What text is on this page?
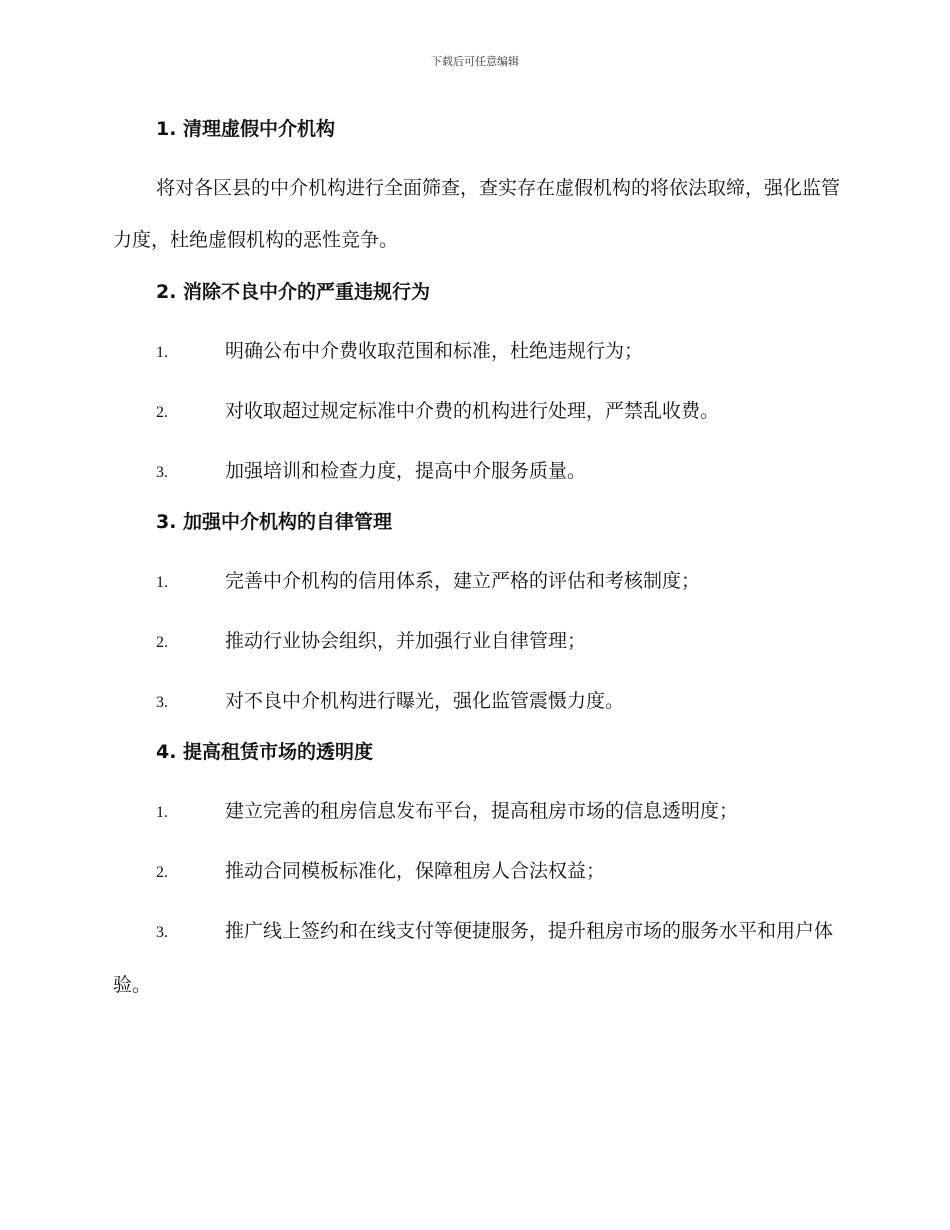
下载后可任意编辑
1. 清理虚假中介机构
将对各区县的中介机构进行全面筛查，查实存在虚假机构的将依法取缔，强化监管力度，杜绝虚假机构的恶性竞争。
2. 消除不良中介的严重违规行为
1.	明确公布中介费收取范围和标准，杜绝违规行为；
2.	对收取超过规定标准中介费的机构进行处理，严禁乱收费。
3.	加强培训和检查力度，提高中介服务质量。
3. 加强中介机构的自律管理
1.	完善中介机构的信用体系，建立严格的评估和考核制度；
2.	推动行业协会组织，并加强行业自律管理；
3.	对不良中介机构进行曝光，强化监管震慑力度。
4. 提高租赁市场的透明度
1.	建立完善的租房信息发布平台，提高租房市场的信息透明度；
2.	推动合同模板标准化，保障租房人合法权益；
3.	推广线上签约和在线支付等便捷服务，提升租房市场的服务水平和用户体验。
